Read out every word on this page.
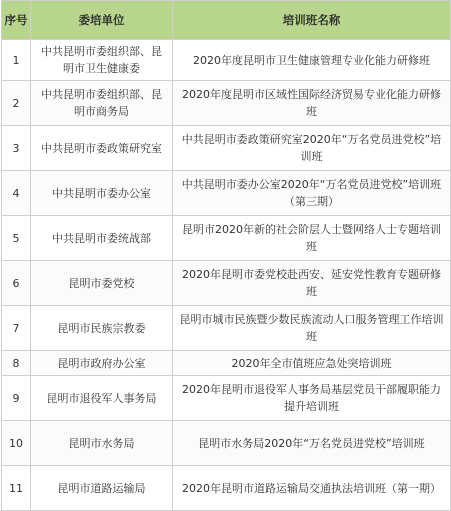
序号	委培单位	培训班名称
1	中共昆明市委组织部、昆明市卫生健康委	2020年度昆明市卫生健康管理专业化能力研修班
2	中共昆明市委组织部、昆明市商务局	2020年度昆明市区域性国际经济贸易专业化能力研修班
3	中共昆明市委政策研究室	中共昆明市委政策研究室2020年“万名党员进党校”培训班
4	中共昆明市委办公室	中共昆明市委办公室2020年“万名党员进党校”培训班（第三期）
5	中共昆明市委统战部	昆明市2020年新的社会阶层人士暨网络人士专题培训班
6	昆明市委党校	2020年昆明市委党校赴西安、延安党性教育专题研修班
7	昆明市民族宗教委	昆明市城市民族暨少数民族流动人口服务管理工作培训班
8	昆明市政府办公室	2020年全市值班应急处突培训班
9	昆明市退役军人事务局	2020年昆明市退役军人事务局基层党员干部履职能力提升培训班
10	昆明市水务局	昆明市水务局2020年“万名党员进党校”培训班
11	昆明市道路运输局	2020年昆明市道路运输局交通执法培训班（第一期）
